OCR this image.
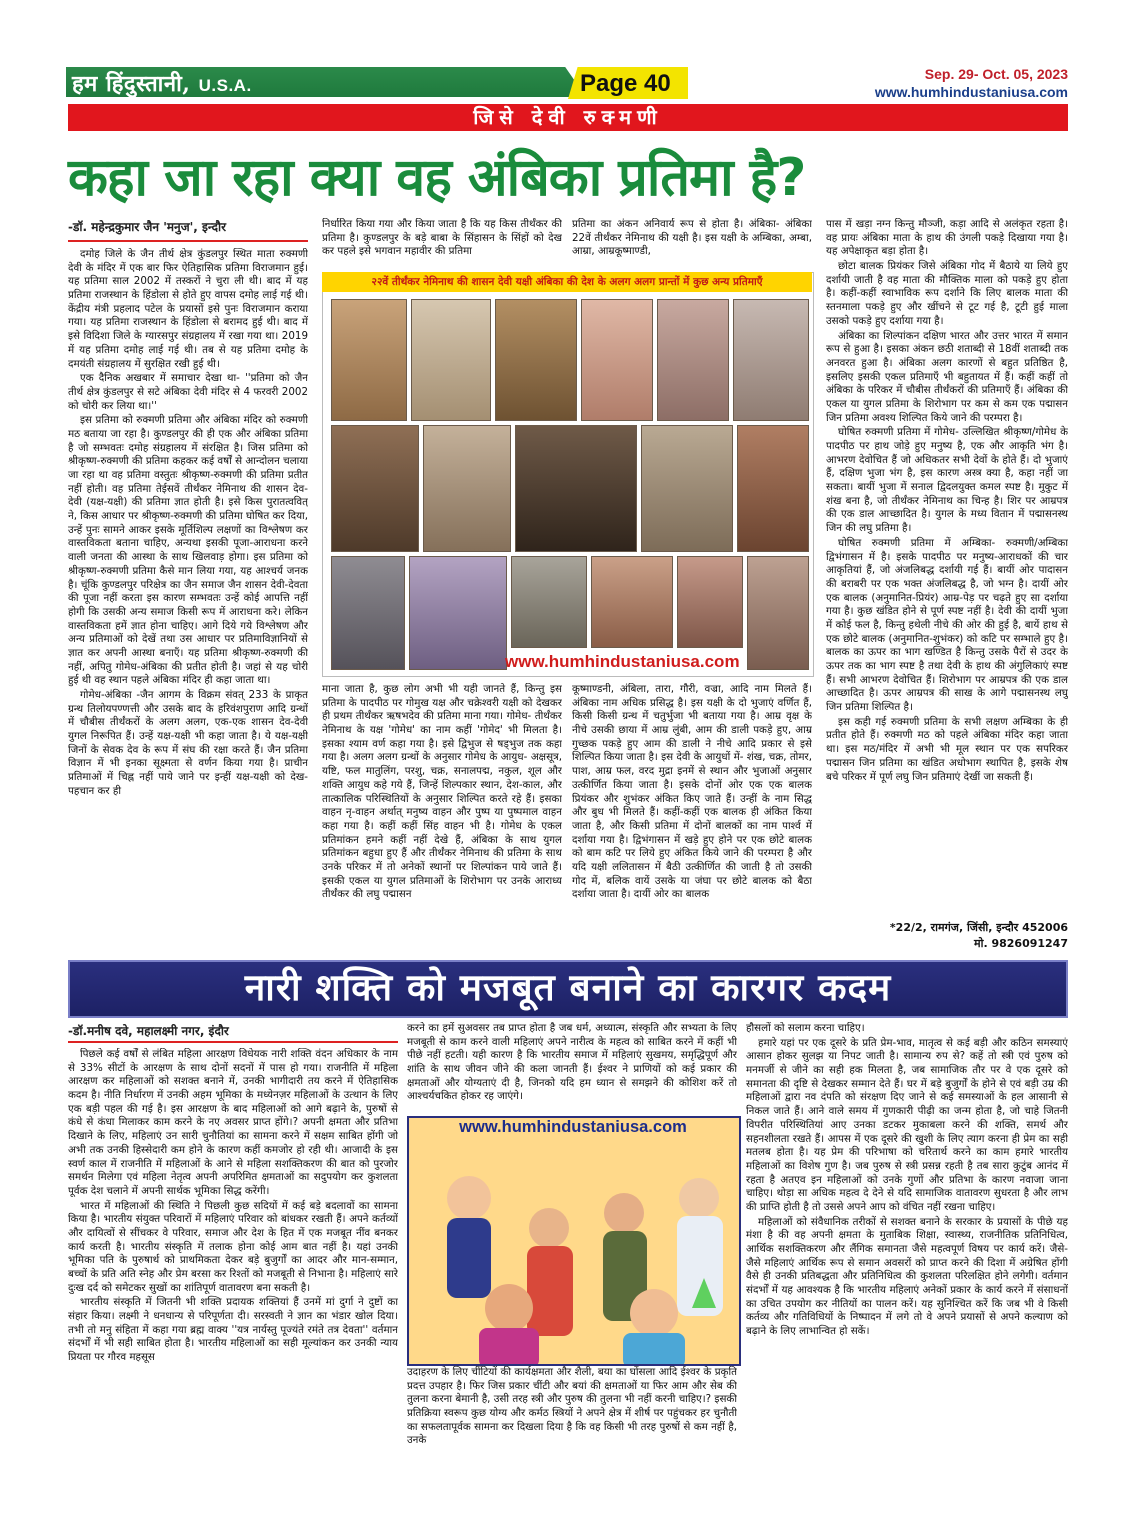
हम हिंदुस्तानी, U.S.A.	Page 40	Sep. 29- Oct. 05, 2023
www.humhindustaniusa.com
जिसे देवी रुक्मणी
कहा जा रहा क्या वह अंबिका प्रतिमा है?
-डॉ. महेन्द्रकुमार जैन 'मनुज', इन्दौर

दमोह जिले के जैन तीर्थ क्षेत्र कुंडलपुर स्थित माता रुक्मणी देवी के मंदिर में एक बार फिर ऐतिहासिक प्रतिमा विराजमान हुई। यह प्रतिमा साल 2002 में तस्करों ने चुरा ली थी। बाद में यह प्रतिमा राजस्थान के हिंडोला से होते हुए वापस दमोह लाई गई थी। केंद्रीय मंत्री प्रहलाद पटेल के प्रयासों इसे पुनः विराजमान कराया गया। यह प्रतिमा राजस्थान के हिंडोला से बरामद हुई थी। बाद में इसे विदिशा जिले के ग्यारसपुर संग्रहालय में रखा गया था। 2019 में यह प्रतिमा दमोह लाई गई थी। तब से यह प्रतिमा दमोह के दमयंती संग्रहालय में सुरक्षित रखी हुई थी।

एक दैनिक अखबार में समाचार देखा था- ''प्रतिमा को जैन तीर्थ क्षेत्र कुंडलपुर से सटे अंबिका देवी मंदिर से 4 फरवरी 2002 को चोरी कर लिया था।''

इस प्रतिमा को रुक्मणी प्रतिमा और अंबिका मंदिर को रुक्मणी मठ बताया जा रहा है। कुण्डलपुर की ही एक और अंबिका प्रतिमा है जो सम्भवतः दमोह संग्रहालय में संरक्षित है। जिस प्रतिमा को श्रीकृष्ण-रुक्मणी की प्रतिमा कहकर कई वर्षों से आन्दोलन चलाया जा रहा था वह प्रतिमा वस्तुतः श्रीकृष्ण-रुक्मणी की प्रतिमा प्रतीत नहीं होती। वह प्रतिमा तेईसवें तीर्थंकर नेमिनाथ की शासन देव-देवी (यक्ष-यक्षी) की प्रतिमा ज्ञात होती है। इसे किस पुरातत्ववित् ने, किस आधार पर श्रीकृष्ण-रुक्मणी की प्रतिमा घोषित कर दिया, उन्हें पुनः सामने आकर इसके मूर्तिशिल्प लक्षणों का विश्लेषण कर वास्तविकता बताना चाहिए, अन्यथा इसकी पूजा-आराधना करने वाली जनता की आस्था के साथ खिलवाड़ होगा। इस प्रतिमा को श्रीकृष्ण-रुक्मणी प्रतिमा कैसे मान लिया गया, यह आश्चर्य जनक है। चूंकि कुण्डलपुर परिक्षेत्र का जैन समाज जैन शासन देवी-देवता की पूजा नहीं करता इस कारण सम्भवतः उन्हें कोई आपत्ति नहीं होगी कि उसकी अन्य समाज किसी रूप में आराधना करे। लेकिन वास्तविकता हमें ज्ञात होना चाहिए। आगे दिये गये विश्लेषण और अन्य प्रतिमाओं को देखें तथा उस आधार पर प्रतिमाविज्ञानियों से ज्ञात कर अपनी आस्था बनाएँ। यह प्रतिमा श्रीकृष्ण-रुक्मणी की नहीं, अपितु गोमेध-अंबिका की प्रतीत होती है। जहां से यह चोरी हुई थी वह स्थान पहले अंबिका मंदिर ही कहा जाता था।

गोमेध-अंबिका -जैन आगम के विक्रम संवत् 233 के प्राकृत ग्रन्थ तिलोयपण्णत्ती और उसके बाद के हरिवंशपुराण आदि ग्रन्थों में चौबीस तीर्थंकरों के अलग अलग, एक-एक शासन देव-देवी युगल निरूपित हैं। उन्हें यक्ष-यक्षी भी कहा जाता है। ये यक्ष-यक्षी जिनों के सेवक देव के रूप में संघ की रक्षा करते हैं। जैन प्रतिमा विज्ञान में भी इनका सूक्ष्मता से वर्णन किया गया है। प्राचीन प्रतिमाओं में चिह्न नहीं पाये जाने पर इन्हीं यक्ष-यक्षी को देख-पहचान कर ही

निर्धारित किया गया और किया जाता है कि यह किस तीर्थंकर की प्रतिमा है। कुण्डलपुर के बड़े बाबा के सिंहासन के सिंहों को देख कर पहले इसे भगवान महावीर की प्रतिमा

प्रतिमा का अंकन अनिवार्य रूप से होता है। अंबिका- अंबिका 22वें तीर्थंकर नेमिनाथ की यक्षी है। इस यक्षी के अम्बिका, अम्बा, आम्रा, आम्रकूष्माण्डी,

२२वें तीर्थंकर नेमिनाथ की शासन देवी यक्षी अंबिका की देश के अलग अलग प्रान्तों में कुछ अन्य प्रतिमाएँ
www.humhindustaniusa.com

माना जाता है, कुछ लोग अभी भी यही जानते हैं, किन्तु इस प्रतिमा के पादपीठ पर गोमुख यक्ष और चक्रेश्वरी यक्षी को देखकर ही प्रथम तीर्थंकर ऋषभदेव की प्रतिमा माना गया। गोमेध- तीर्थंकर नेमिनाथ के यक्ष 'गोमेध' का नाम कहीं 'गोमेद' भी मिलता है। इसका श्याम वर्ण कहा गया है। इसे द्विभुज से षड्भुज तक कहा गया है। अलग अलग ग्रन्थों के अनुसार गोमेध के आयुध- अक्षसूत्र, यष्टि, फल मातुलिंग, परशु, चक्र, सनालपद्म, नकुल, शूल और शक्ति आयुध कहे गये हैं, जिन्हें शिल्पकार स्थान, देश-काल, और तात्कालिक परिस्थितियों के अनुसार शिल्पित करते रहे हैं। इसका वाहन नृ-वाहन अर्थात् मनुष्य वाहन और पुष्प या पुष्पमाल वाहन कहा गया है। कहीं कहीं सिंह वाहन भी है। गोमेध के एकल प्रतिमांकन हमने कहीं नहीं देखे हैं, अंबिका के साथ युगल प्रतिमांकन बहुधा हुए हैं और तीर्थंकर नेमिनाथ की प्रतिमा के साथ उनके परिकर में तो अनेकों स्थानों पर शिल्पांकन पाये जाते हैं। इसकी एकल या युगल प्रतिमाओं के शिरोभाग पर उनके आराध्य तीर्थंकर की लघु पद्मासन

कूष्माण्डनी, अंबिला, तारा, गौरी, वज्रा, आदि नाम मिलते हैं। अंबिका नाम अधिक प्रसिद्ध है। इस यक्षी के दो भुजाएं वर्णित हैं, किसी किसी ग्रन्थ में चतुर्भुजा भी बताया गया है। आम्र वृक्ष के नीचे उसकी छाया में आम्र लुंबी, आम की डाली पकड़े हुए, आम्र गुच्छक पकड़े हुए आम की डाली ने नीचे आदि प्रकार से इसे शिल्पित किया जाता है। इस देवी के आयुधों में- शंख, चक्र, तोमर, पाश, आम्र फल, वरद मुद्रा इनमें से स्थान और भुजाओं अनुसार उत्कीर्णित किया जाता है। इसके दोनों ओर एक एक बालक प्रियंकर और शुभंकर अंकित किए जाते हैं। उन्हीं के नाम सिद्ध और बुध भी मिलते हैं। कहीं-कहीं एक बालक ही अंकित किया जाता है, और किसी प्रतिमा में दोनों बालकों का नाम पार्श्व में दर्शाया गया है। द्विभंगासन में खड़े हुए होने पर एक छोटे बालक को बाम कटि पर लिये हुए अंकित किये जाने की परम्परा है और यदि यक्षी ललितासन में बैठी उत्कीर्णित की जाती है तो उसकी गोद में, बलिक वायें उसके या जंघा पर छोटे बालक को बैठा दर्शाया जाता है। दायीं ओर का बालक

पास में खड़ा नग्न किन्तु मौञ्जी, कड़ा आदि से अलंकृत रहता है। वह प्रायः अंबिका माता के हाथ की उंगली पकड़े दिखाया गया है। यह अपेक्षाकृत बड़ा होता है।

छोटा बालक प्रियंकर जिसे अंबिका गोद में बैठाये या लिये हुए दर्शायी जाती है वह माता की मौक्तिक माला को पकड़े हुए होता है। कहीं-कहीं स्वाभाविक रूप दर्शाने कि लिए बालक माता की स्तनमाला पकड़े हुए और खींचने से टूट गई है, टूटी हुई माला उसको पकड़े हुए दर्शाया गया है।

अंबिका का शिल्पांकन दक्षिण भारत और उत्तर भारत में समान रूप से हुआ है। इसका अंकन छठी शताब्दी से 18वीं शताब्दी तक अनवरत हुआ है। अंबिका अलग कारणों से बहुत प्रतिष्ठित है, इसलिए इसकी एकल प्रतिमाएँ भी बहुतायत में हैं। कहीं कहीं तो अंबिका के परिकर में चौबीस तीर्थंकरों की प्रतिमाएँ हैं। अंबिका की एकल या युगल प्रतिमा के शिरोभाग पर कम से कम एक पद्मासन जिन प्रतिमा अवश्य शिल्पित किये जाने की परम्परा है।

घोषित रुक्मणी प्रतिमा में गोमेध- उल्लिखित श्रीकृष्ण/गोमेध के पादपीठ पर हाथ जोड़े हुए मनुष्य है, एक और आकृति भंग है। आभरण देवोचित हैं जो अधिकतर सभी देवों के होते हैं। दो भुजाएं हैं, दक्षिण भुजा भंग है, इस कारण अस्त्र क्या है, कहा नहीं जा सकता। बायीं भुजा में सनाल द्विदलयुक्त कमल स्पष्ट है। मुकुट में शंख बना है, जो तीर्थंकर नेमिनाथ का चिन्ह है। शिर पर आम्रपत्र की एक डाल आच्छादित है। युगल के मध्य वितान में पद्मासनस्थ जिन की लघु प्रतिमा है।

घोषित रुक्मणी प्रतिमा में अम्बिका- रुक्मणी/अम्बिका द्विभंगासन में है। इसके पादपीठ पर मनुष्य-आराधकों की चार आकृतियां हैं, जो अंजलिबद्ध दर्शायी गई हैं। बायीं ओर पादासन की बराबरी पर एक भक्त अंजलिबद्ध है, जो भग्न है। दायीं ओर एक बालक (अनुमानित-प्रियंर) आम्र-पेड़ पर चढ़ते हुए सा दर्शाया गया है। कुछ खंडित होने से पूर्ण स्पष्ट नहीं है। देवी की दायीं भुजा में कोई फल है, किन्तु हथेली नीचे की ओर की हुई है, बायें हाथ से एक छोटे बालक (अनुमानित-शुभंकर) को कटि पर सम्भाले हुए है। बालक का ऊपर का भाग खण्डित है किन्तु उसके पैरों से उदर के ऊपर तक का भाग स्पष्ट है तथा देवी के हाथ की अंगुलिकाएं स्पष्ट हैं। सभी आभरण देवोचित हैं। शिरोभाग पर आम्रपत्र की एक डाल आच्छादित है। ऊपर आम्रपत्र की साख के आगे पद्मासनस्थ लघु जिन प्रतिमा शिल्पित है।

इस कही गई रुक्मणी प्रतिमा के सभी लक्षण अम्बिका के ही प्रतीत होते हैं। रुक्मणी मठ को पहले अंबिका मंदिर कहा जाता था। इस मठ/मंदिर में अभी भी मूल स्थान पर एक सपरिकर पद्मासन जिन प्रतिमा का खंडित अधोभाग स्थापित है, इसके शेष बचे परिकर में पूर्ण लघु जिन प्रतिमाएं देखीं जा सकती हैं।

*22/2, रामगंज, जिंसी, इन्दौर 452006
मो. 9826091247
नारी शक्ति को मजबूत बनाने का कारगर कदम
-डॉ.मनीष दवे, महालक्ष्मी नगर, इंदौर

पिछले कई वर्षों से लंबित महिला आरक्षण विधेयक नारी शक्ति वंदन अधिकार के नाम से 33% सीटों के आरक्षण के साथ दोनों सदनों में पास हो गया। राजनीति में महिला आरक्षण कर महिलाओं को सशक्त बनाने में, उनकी भागीदारी तय करने में ऐतिहासिक कदम है। नीति निर्धारण में उनकी अहम भूमिका के मध्येनज़र महिलाओं के उत्थान के लिए एक बड़ी पहल की गई है। इस आरक्षण के बाद महिलाओं को आगे बढ़ाने के, पुरुषों से कंधे से कंधा मिलाकर काम करने के नए अवसर प्राप्त होंगे।? अपनी क्षमता और प्रतिभा दिखाने के लिए, महिलाएं उन सारी चुनौतियां का सामना करने में सक्षम साबित होंगी जो अभी तक उनकी हिस्सेदारी कम होने के कारण कहीं कमजोर हो रही थी। आजादी के इस स्वर्ण काल में राजनीति में महिलाओं के आने से महिला सशक्तिकरण की बात को पुरजोर समर्थन मिलेगा एवं महिला नेतृत्व अपनी अपरिमित क्षमताओं का सदुपयोग कर कुशलता पूर्वक देश चलाने में अपनी सार्थक भूमिका सिद्ध करेंगी।

भारत में महिलाओं की स्थिति ने पिछली कुछ सदियों में कई बड़े बदलावों का सामना किया है। भारतीय संयुक्त परिवारों में महिलाएं परिवार को बांधकर रखती हैं। अपने कर्तव्यों और दायित्वों से सींचकर वे परिवार, समाज और देश के हित में एक मजबूत नींव बनकर कार्य करती है। भारतीय संस्कृति में तलाक होना कोई आम बात नहीं है। यहां उनकी भूमिका पति के पुरुषार्थ को प्राथमिकता देकर बड़े बुजुर्गों का आदर और मान-सम्मान, बच्चों के प्रति अति स्नेह और प्रेम बरसा कर रिश्तों को मजबूती से निभाना है। महिलाएं सारे दुःख दर्द को समेटकर सुखों का शांतिपूर्ण वातावरण बना सकती है।

भारतीय संस्कृति में जितनी भी शक्ति प्रदायक शक्तियां हैं उनमें मां दुर्गा ने दुष्टों का संहार किया। लक्ष्मी ने धनधान्य से परिपूर्णता दी। सरस्वती ने ज्ञान का भंडार खोल दिया। तभी तो मनु संहिता में कहा गया ब्रह्म वाक्य ''यत्र नार्यस्तु पूज्यंते रमंते तत्र देवता'' वर्तमान संदर्भों में भी सही साबित होता है। भारतीय महिलाओं का सही मूल्यांकन कर उनकी न्याय प्रियता पर गौरव महसूस

करने का हमें सुअवसर तब प्राप्त होता है जब धर्म, अध्यात्म, संस्कृति और सभ्यता के लिए मजबूती से काम करने वाली महिलाएं अपने नारीत्व के महत्व को साबित करने में कहीं भी पीछे नहीं हटती। यही कारण है कि भारतीय समाज में महिलाएं सुखमय, समृद्धिपूर्ण और शांति के साथ जीवन जीने की कला जानती हैं। ईश्वर ने प्राणियों को कई प्रकार की क्षमताओं और योग्यताएं दी है, जिनको यदि हम ध्यान से समझने की कोशिश करें तो आश्चर्यचकित होकर रह जाएंगे।

www.humhindustaniusa.com

उदाहरण के लिए चींटियों की कार्यक्षमता और शैली, बया का घोंसला आदि ईश्वर के प्रकृति प्रदत्त उपहार है। फिर जिस प्रकार चींटी और बयां की क्षमताओं या फिर आम और सेब की तुलना करना बेमानी है, उसी तरह स्त्री और पुरुष की तुलना भी नहीं करनी चाहिए।? इसकी प्रतिक्रिया स्वरूप कुछ योग्य और कर्मठ स्त्रियों ने अपने क्षेत्र में शीर्ष पर पहुंचकर हर चुनौती का सफलतापूर्वक सामना कर दिखला दिया है कि वह किसी भी तरह पुरुषों से कम नहीं है, उनके

हौसलों को सलाम करना चाहिए।

हमारे यहां पर एक दूसरे के प्रति प्रेम-भाव, मातृत्व से कई बड़ी और कठिन समस्याएं आसान होकर सुलझ या निपट जाती है। सामान्य रुप से? कहें तो स्त्री एवं पुरुष को मनमर्जी से जीने का सही हक मिलता है, जब सामाजिक तौर पर वे एक दूसरे को समानता की दृष्टि से देखकर सम्मान देते हैं। घर में बड़े बुजुर्गों के होने से एवं बड़ी उम्र की महिलाओं द्वारा नव दंपति को संरक्षण दिए जाने से कई समस्याओं के हल आसानी से निकल जाते हैं। आने वाले समय में गुणकारी पीढ़ी का जन्म होता है, जो चाहे जितनी विपरीत परिस्थितियां आए उनका डटकर मुकाबला करने की शक्ति, समर्थ और सहनशीलता रखते हैं। आपस में एक दूसरे की खुशी के लिए त्याग करना ही प्रेम का सही मतलब होता है। यह प्रेम की परिभाषा को चरितार्थ करने का काम हमारे भारतीय महिलाओं का विशेष गुण है। जब पुरुष से स्त्री प्रसन्न रहती है तब सारा कुटुंब आनंद में रहता है अतएव इन महिलाओं को उनके गुणों और प्रतिभा के कारण नवाजा जाना चाहिए। थोड़ा सा अधिक महत्व दे देने से यदि सामाजिक वातावरण सुधरता है और लाभ की प्राप्ति होती है तो उससे अपने आप को वंचित नहीं रखना चाहिए।

महिलाओं को संवैधानिक तरीकों से सशक्त बनाने के सरकार के प्रयासों के पीछे यह मंशा है की वह अपनी क्षमता के मुताबिक शिक्षा, स्वास्थ्य, राजनीतिक प्रतिनिधित्व, आर्थिक सशक्तिकरण और लैंगिक समानता जैसे महत्वपूर्ण विषय पर कार्य करें। जैसे-जैसे महिलाएं आर्थिक रूप से समान अवसरों को प्राप्त करने की दिशा में अग्रेषित होंगी वैसे ही उनकी प्रतिबद्धता और प्रतिनिधित्व की कुशलता परिलक्षित होने लगेगी। वर्तमान संदर्भों में यह आवश्यक है कि भारतीय महिलाएं अनेकों प्रकार के कार्य करने में संसाधनों का उचित उपयोग कर नीतियों का पालन करें। यह सुनिश्चित करें कि जब भी वे किसी कर्तव्य और गतिविधियों के निष्पादन में लगे तो वे अपने प्रयासों से अपने कल्याण को बढ़ाने के लिए लाभान्वित हो सकें।
